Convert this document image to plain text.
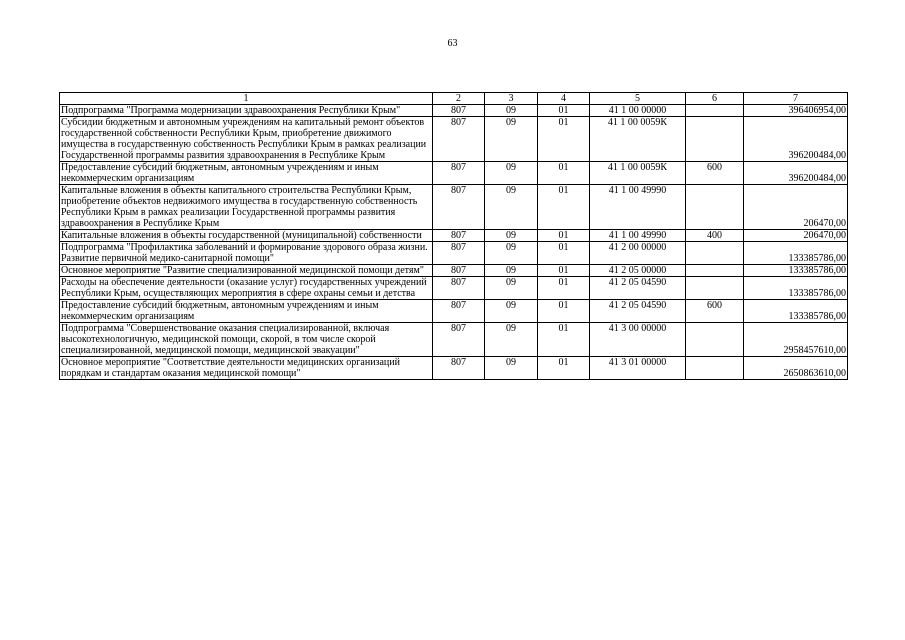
63
1	2	3	4	5	6	7
Подпрограмма "Программа модернизации здравоохранения Республики Крым"	807	09	01	41 1 00 00000		396406954,00
Субсидии бюджетным и автономным учреждениям на капитальный ремонт объектов государственной собственности Республики Крым, приобретение движимого имущества в государственную собственность Республики Крым в рамках реализации Государственной программы развития здравоохранения в Республике Крым	807	09	01	41 1 00 0059К		396200484,00
Предоставление субсидий бюджетным, автономным учреждениям и иным некоммерческим организациям	807	09	01	41 1 00 0059К	600	396200484,00
Капитальные вложения в объекты капитального строительства Республики Крым, приобретение объектов недвижимого имущества в государственную собственность Республики Крым в рамках реализации Государственной программы развития здравоохранения в Республике Крым	807	09	01	41 1 00 49990		206470,00
Капитальные вложения в объекты государственной (муниципальной) собственности	807	09	01	41 1 00 49990	400	206470,00
Подпрограмма "Профилактика заболеваний и формирование здорового образа жизни. Развитие первичной медико-санитарной помощи"	807	09	01	41 2 00 00000		133385786,00
Основное мероприятие "Развитие специализированной медицинской помощи детям"	807	09	01	41 2 05 00000		133385786,00
Расходы на обеспечение деятельности (оказание услуг) государственных учреждений Республики Крым, осуществляющих мероприятия в сфере охраны семьи и детства	807	09	01	41 2 05 04590		133385786,00
Предоставление субсидий бюджетным, автономным учреждениям и иным некоммерческим организациям	807	09	01	41 2 05 04590	600	133385786,00
Подпрограмма "Совершенствование оказания специализированной, включая высокотехнологичную, медицинской помощи, скорой, в том числе скорой специализированной, медицинской помощи, медицинской эвакуации"	807	09	01	41 3 00 00000		2958457610,00
Основное мероприятие "Соответствие деятельности медицинских организаций порядкам и стандартам оказания медицинской помощи"	807	09	01	41 3 01 00000		2650863610,00
